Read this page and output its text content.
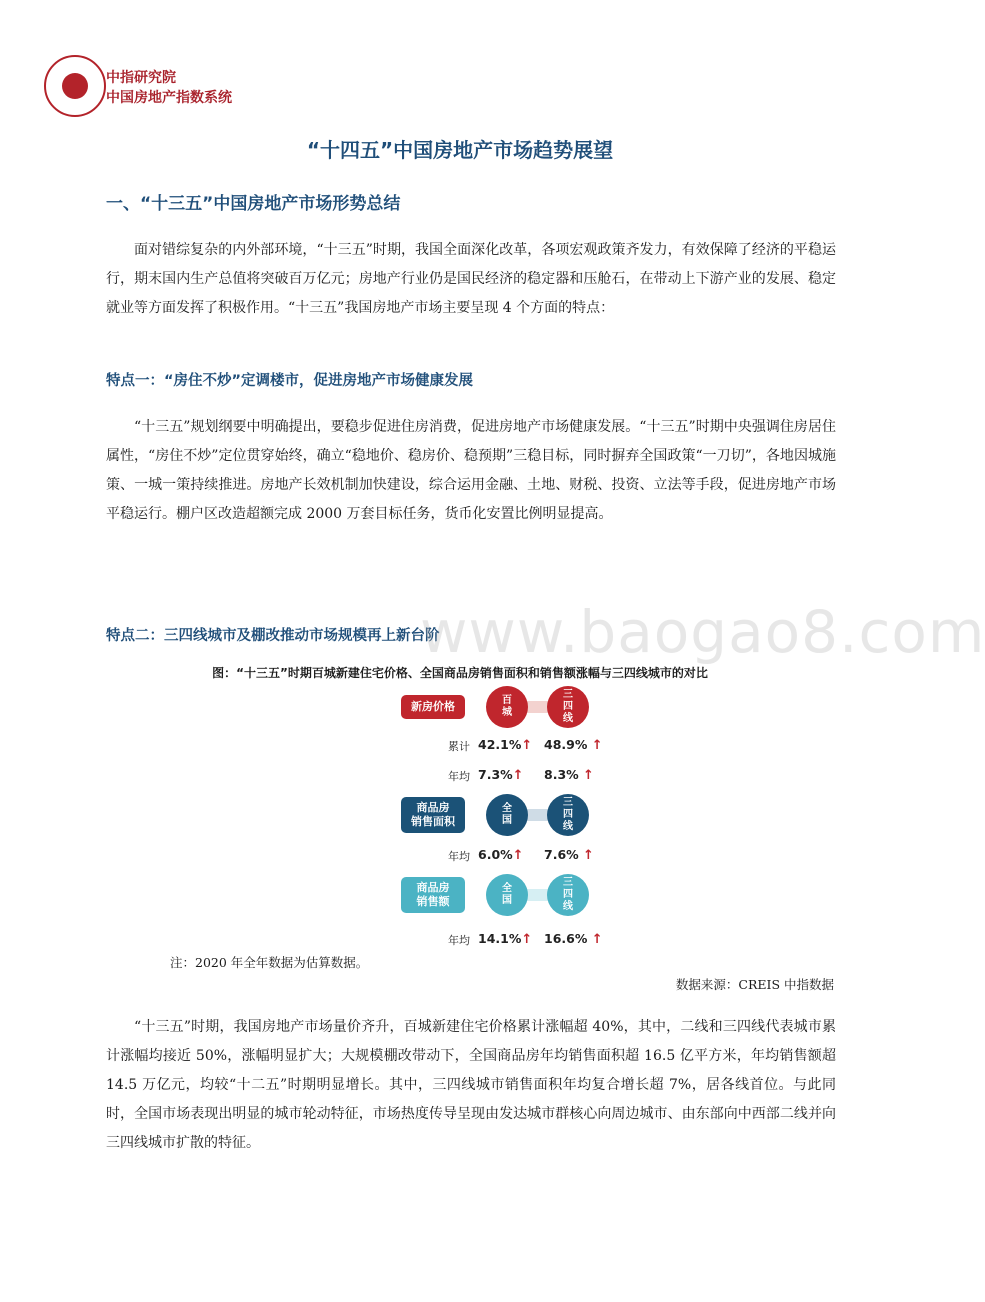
中指研究院
中国房地产指数系统
“十四五”中国房地产市场趋势展望
一、“十三五”中国房地产市场形势总结

面对错综复杂的内外部环境，“十三五”时期，我国全面深化改革，各项宏观政策齐发力，有效保障了经济的平稳运行，期末国内生产总值将突破百万亿元；房地产行业仍是国民经济的稳定器和压舱石，在带动上下游产业的发展、稳定就业等方面发挥了积极作用。“十三五”我国房地产市场主要呈现 4 个方面的特点：

特点一：“房住不炒”定调楼市，促进房地产市场健康发展

“十三五”规划纲要中明确提出，要稳步促进住房消费，促进房地产市场健康发展。“十三五”时期中央强调住房居住属性，“房住不炒”定位贯穿始终，确立“稳地价、稳房价、稳预期”三稳目标，同时摒弃全国政策“一刀切”，各地因城施策、一城一策持续推进。房地产长效机制加快建设，综合运用金融、土地、财税、投资、立法等手段，促进房地产市场平稳运行。棚户区改造超额完成 2000 万套目标任务，货币化安置比例明显提高。

特点二：三四线城市及棚改推动市场规模再上新台阶
www.baogao8.com
图：“十三五”时期百城新建住宅价格、全国商品房销售面积和销售额涨幅与三四线城市的对比
新房价格	百
城
三
四
线
累计 42.1%↑ 48.9% ↑
年均 7.3%↑ 8.3% ↑
商品房
销售面积
全
国
三
四
线
年均 6.0%↑ 7.6% ↑
商品房
销售额
全
国
三
四
线
年均 14.1%↑ 16.6% ↑
注：2020 年全年数据为估算数据。
数据来源：CREIS 中指数据

“十三五”时期，我国房地产市场量价齐升，百城新建住宅价格累计涨幅超 40%，其中，二线和三四线代表城市累计涨幅均接近 50%，涨幅明显扩大；大规模棚改带动下，全国商品房年均销售面积超 16.5 亿平方米，年均销售额超 14.5 万亿元，均较“十二五”时期明显增长。其中，三四线城市销售面积年均复合增长超 7%，居各线首位。与此同时，全国市场表现出明显的城市轮动特征，市场热度传导呈现由发达城市群核心向周边城市、由东部向中西部二线并向三四线城市扩散的特征。
